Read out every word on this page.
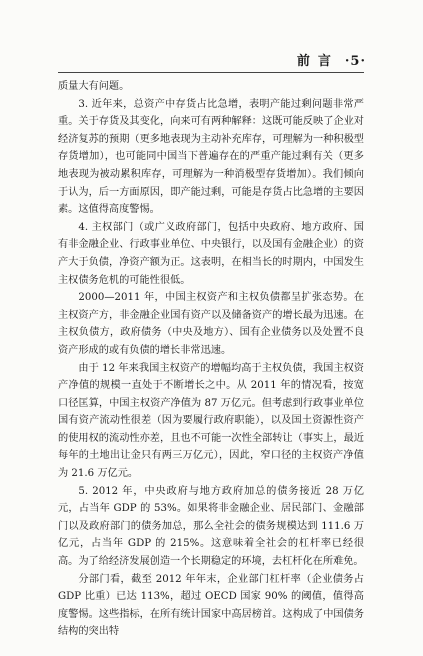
前言 ·5·

质量大有问题。

3. 近年来，总资产中存货占比急增，表明产能过剩问题非常严重。关于存货及其变化，向来可有两种解释：这既可能反映了企业对经济复苏的预期（更多地表现为主动补充库存，可理解为一种积极型存货增加），也可能同中国当下普遍存在的严重产能过剩有关（更多地表现为被动累积库存，可理解为一种消极型存货增加）。我们倾向于认为，后一方面原因，即产能过剩，可能是存货占比急增的主要因素。这值得高度警惕。

4. 主权部门（或广义政府部门，包括中央政府、地方政府、国有非金融企业、行政事业单位、中央银行，以及国有金融企业）的资产大于负债，净资产额为正。这表明，在相当长的时期内，中国发生主权债务危机的可能性很低。

2000—2011 年，中国主权资产和主权负债都呈扩张态势。在主权资产方，非金融企业国有资产以及储备资产的增长最为迅速。在主权负债方，政府债务（中央及地方）、国有企业债务以及处置不良资产形成的或有负债的增长非常迅速。

由于 12 年来我国主权资产的增幅均高于主权负债，我国主权资产净值的规模一直处于不断增长之中。从 2011 年的情况看，按宽口径匡算，中国主权资产净值为 87 万亿元。但考虑到行政事业单位国有资产流动性很差（因为要履行政府职能），以及国土资源性资产的使用权的流动性亦差，且也不可能一次性全部转让（事实上，最近每年的土地出让金只有两三万亿元），因此，窄口径的主权资产净值为 21.6 万亿元。

5. 2012 年，中央政府与地方政府加总的债务接近 28 万亿元，占当年 GDP 的 53%。如果将非金融企业、居民部门、金融部门以及政府部门的债务加总，那么全社会的债务规模达到 111.6 万亿元，占当年 GDP 的 215%。这意味着全社会的杠杆率已经很高。为了给经济发展创造一个长期稳定的环境，去杠杆化在所难免。

分部门看，截至 2012 年年末，企业部门杠杆率（企业债务占 GDP 比重）已达 113%，超过 OECD 国家 90% 的阈值，值得高度警惕。这些指标，在所有统计国家中高居榜首。这构成了中国债务结构的突出特
